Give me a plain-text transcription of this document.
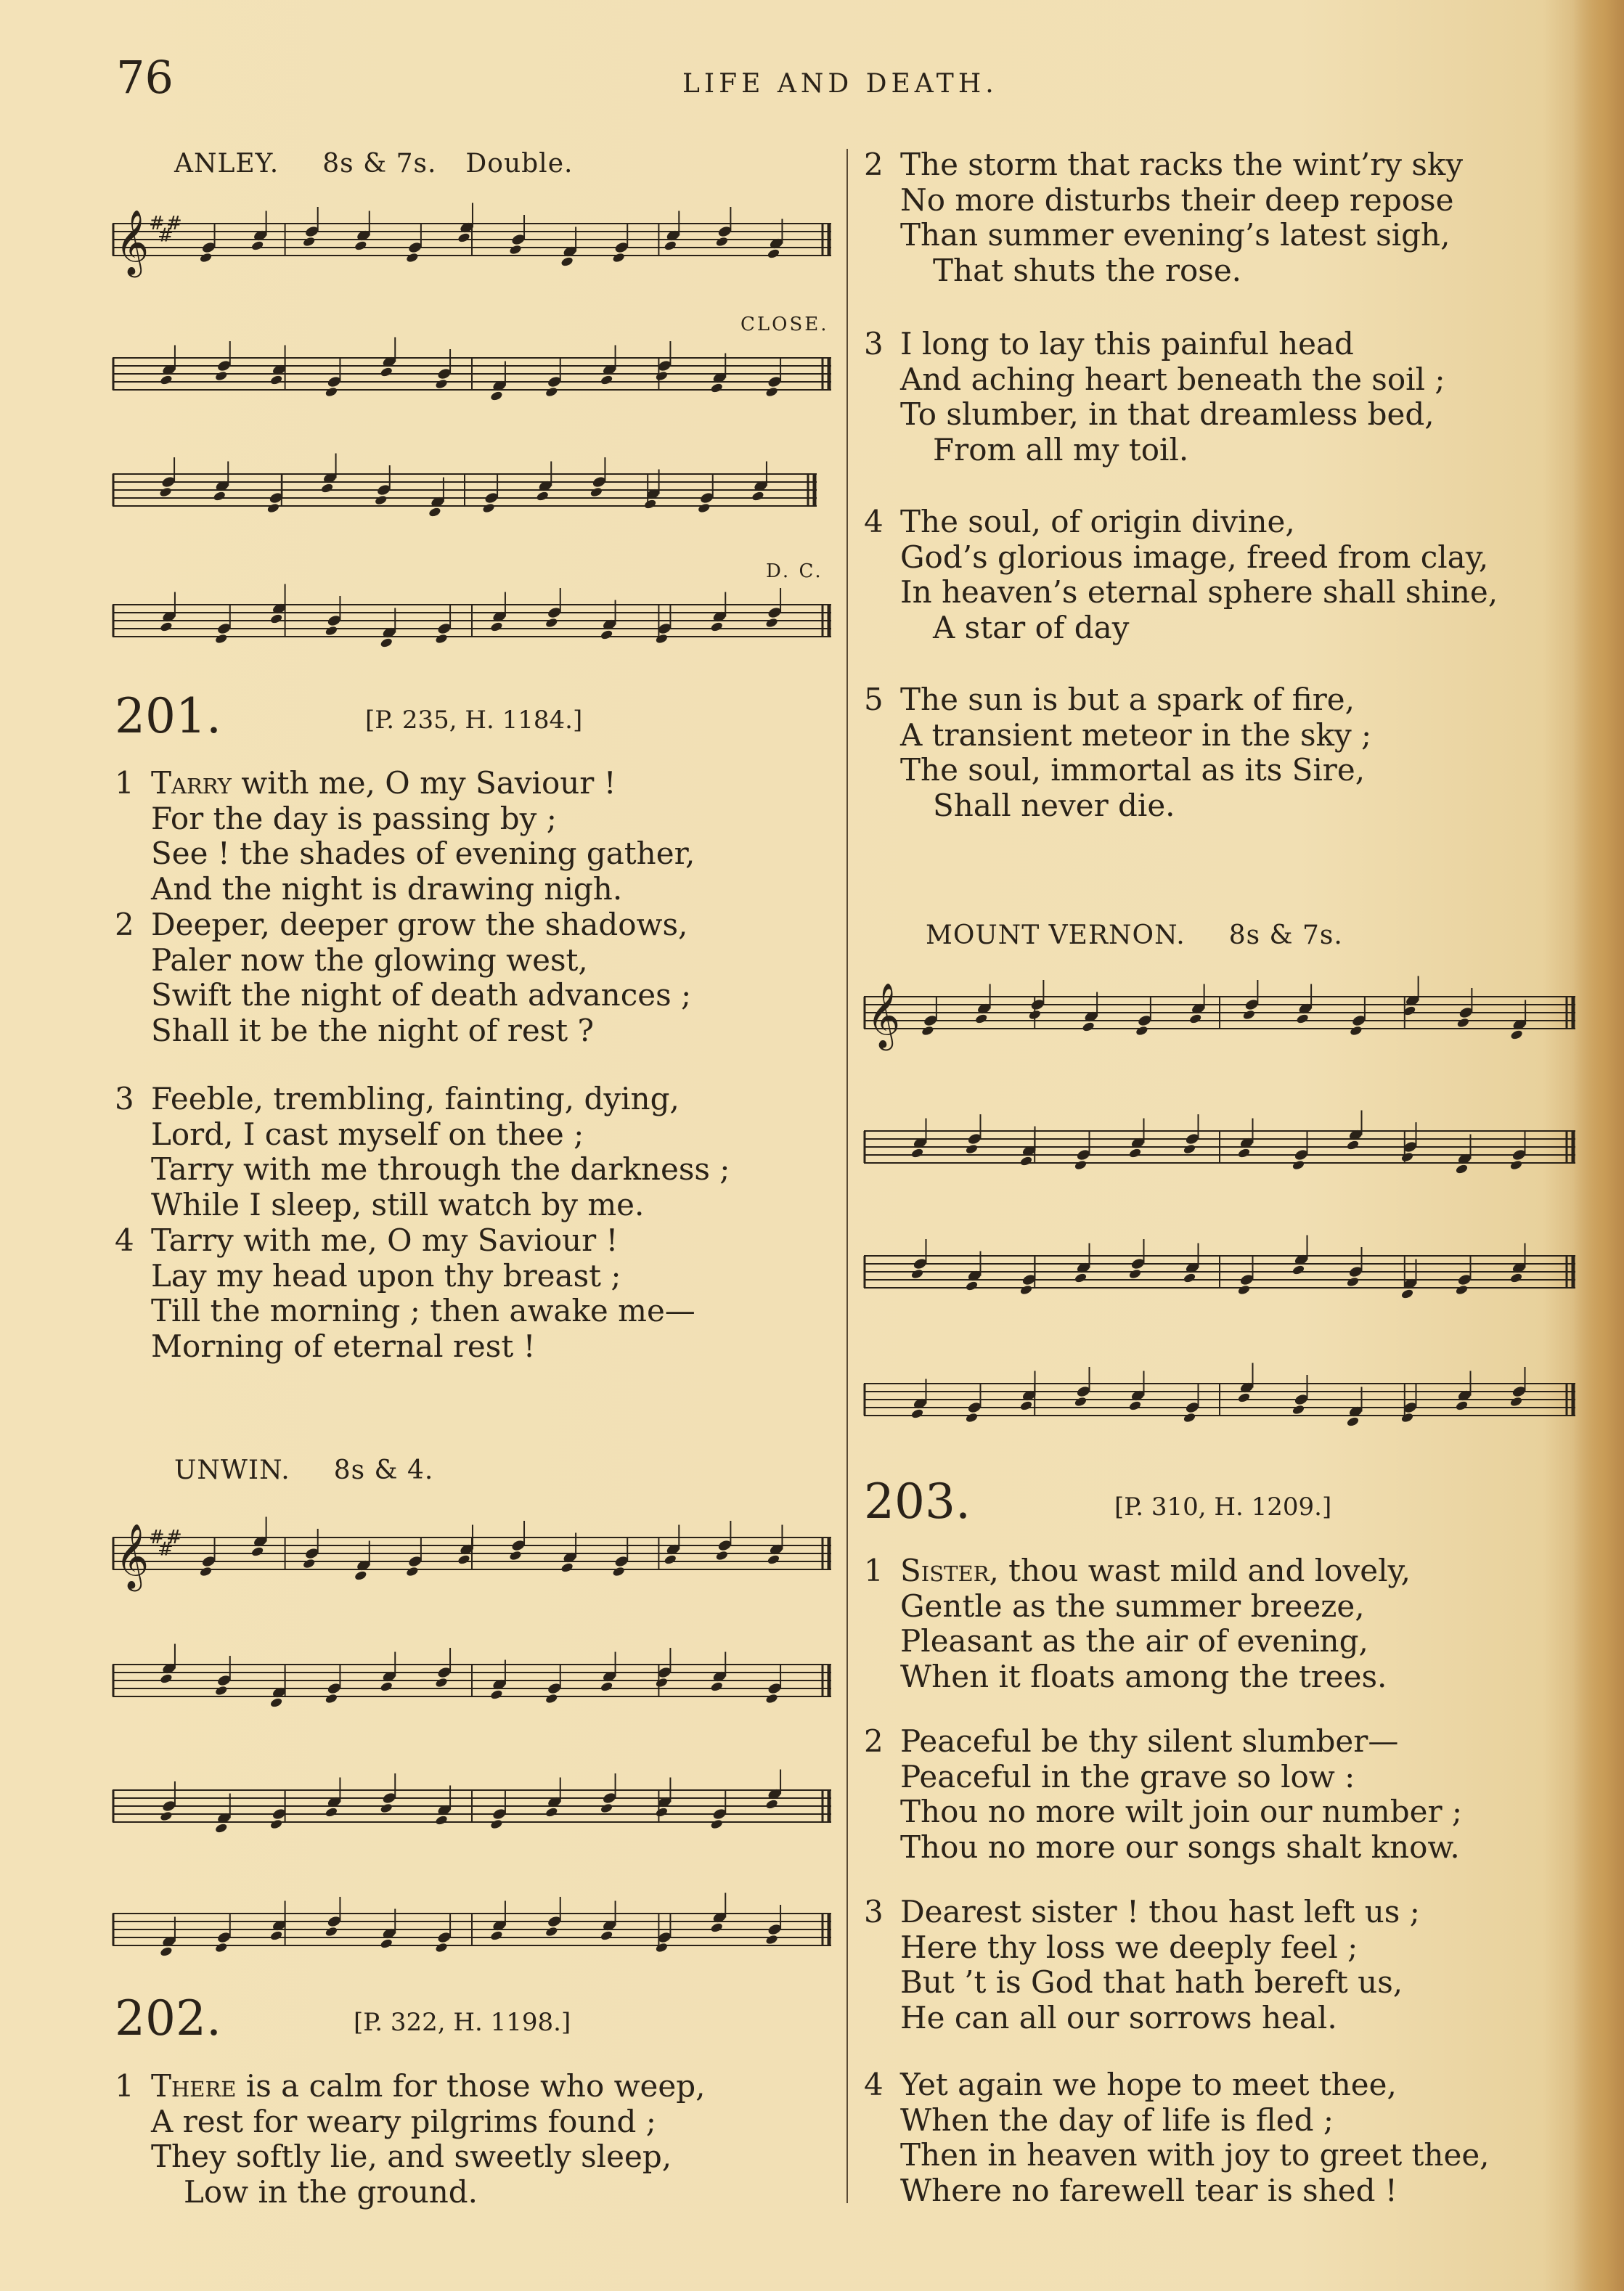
76	LIFE AND DEATH.
ANLEY. 8s & 7s. Double.
CLOSE.
D. C.
𝄞 #
#
#
201.	[P. 235, H. 1184.]
1 Tarry with me, O my Saviour !
For the day is passing by ;
See ! the shades of evening gather,
And the night is drawing nigh.
2 Deeper, deeper grow the shadows,
Paler now the glowing west,
Swift the night of death advances ;
Shall it be the night of rest ?
3 Feeble, trembling, fainting, dying,
Lord, I cast myself on thee ;
Tarry with me through the darkness ;
While I sleep, still watch by me.
4 Tarry with me, O my Saviour !
Lay my head upon thy breast ;
Till the morning ; then awake me—
Morning of eternal rest !
UNWIN. 8s & 4.
𝄞 #
#
#
202.	[P. 322, H. 1198.]
1 There is a calm for those who weep,
A rest for weary pilgrims found ;
They softly lie, and sweetly sleep,
Low in the ground.
2 The storm that racks the wint’ry sky
No more disturbs their deep repose
Than summer evening’s latest sigh,
That shuts the rose.
3 I long to lay this painful head
And aching heart beneath the soil ;
To slumber, in that dreamless bed,
From all my toil.
4 The soul, of origin divine,
God’s glorious image, freed from clay,
In heaven’s eternal sphere shall shine,
A star of day
5 The sun is but a spark of fire,
A transient meteor in the sky ;
The soul, immortal as its Sire,
Shall never die.
MOUNT VERNON. 8s & 7s.
𝄞
203.	[P. 310, H. 1209.]
1 Sister, thou wast mild and lovely,
Gentle as the summer breeze,
Pleasant as the air of evening,
When it floats among the trees.
2 Peaceful be thy silent slumber—
Peaceful in the grave so low :
Thou no more wilt join our number ;
Thou no more our songs shalt know.
3 Dearest sister ! thou hast left us ;
Here thy loss we deeply feel ;
But ’t is God that hath bereft us,
He can all our sorrows heal.
4 Yet again we hope to meet thee,
When the day of life is fled ;
Then in heaven with joy to greet thee,
Where no farewell tear is shed !
